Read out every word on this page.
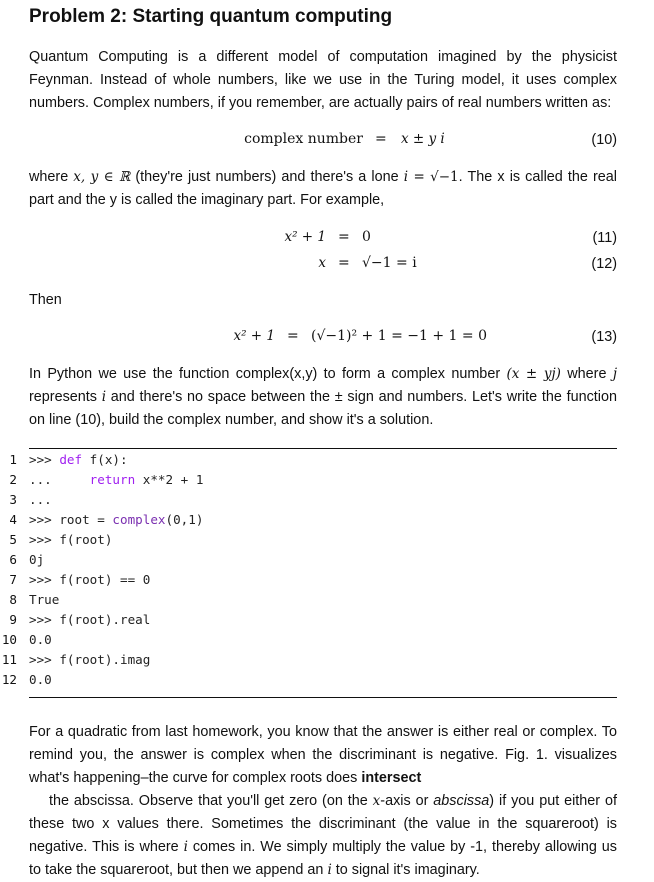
Problem 2: Starting quantum computing
Quantum Computing is a different model of computation imagined by the physicist Feynman. Instead of whole numbers, like we use in the Turing model, it uses complex numbers. Complex numbers, if you remember, are actually pairs of real numbers written as:
complex number = x ± y i	(10)
where x, y ∈ ℝ (they're just numbers) and there's a lone i = √−1. The x is called the real part and the y is called the imaginary part. For example,
x² + 1 = 0	(11)
x = √−1 = i	(12)
Then
x² + 1 = (√−1)² + 1 = −1 + 1 = 0	(13)
In Python we use the function complex(x,y) to form a complex number (x ± yj) where j represents i and there's no space between the ± sign and numbers. Let's write the function on line (10), build the complex number, and show it's a solution.
1 >>> def f(x):
2 ...     return x**2 + 1
3 ...
4 >>> root = complex(0,1)
5 >>> f(root)
6 0j
7 >>> f(root) == 0
8 True
9 >>> f(root).real
10 0.0
11 >>> f(root).imag
12 0.0
For a quadratic from last homework, you know that the answer is either real or complex. To remind you, the answer is complex when the discriminant is negative. Fig. 1. visualizes what's happening–the curve for complex roots does intersect
the abscissa. Observe that you'll get zero (on the x-axis or abscissa) if you put either of these two x values there. Sometimes the discriminant (the value in the squareroot) is negative. This is where i comes in. We simply multiply the value by -1, thereby allowing us to take the squareroot, but then we append an i to signal it's imaginary.
